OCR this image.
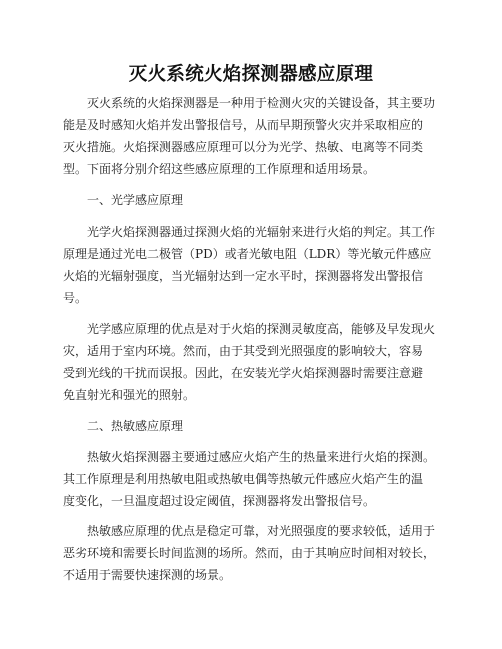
灭火系统火焰探测器感应原理
灭火系统的火焰探测器是一种用于检测火灾的关键设备，其主要功
能是及时感知火焰并发出警报信号，从而早期预警火灾并采取相应的
灭火措施。火焰探测器感应原理可以分为光学、热敏、电离等不同类
型。下面将分别介绍这些感应原理的工作原理和适用场景。
一、光学感应原理
光学火焰探测器通过探测火焰的光辐射来进行火焰的判定。其工作
原理是通过光电二极管（PD）或者光敏电阻（LDR）等光敏元件感应
火焰的光辐射强度，当光辐射达到一定水平时，探测器将发出警报信
号。
光学感应原理的优点是对于火焰的探测灵敏度高，能够及早发现火
灾，适用于室内环境。然而，由于其受到光照强度的影响较大，容易
受到光线的干扰而误报。因此，在安装光学火焰探测器时需要注意避
免直射光和强光的照射。
二、热敏感应原理
热敏火焰探测器主要通过感应火焰产生的热量来进行火焰的探测。
其工作原理是利用热敏电阻或热敏电偶等热敏元件感应火焰产生的温
度变化，一旦温度超过设定阈值，探测器将发出警报信号。
热敏感应原理的优点是稳定可靠，对光照强度的要求较低，适用于
恶劣环境和需要长时间监测的场所。然而，由于其响应时间相对较长，
不适用于需要快速探测的场景。
